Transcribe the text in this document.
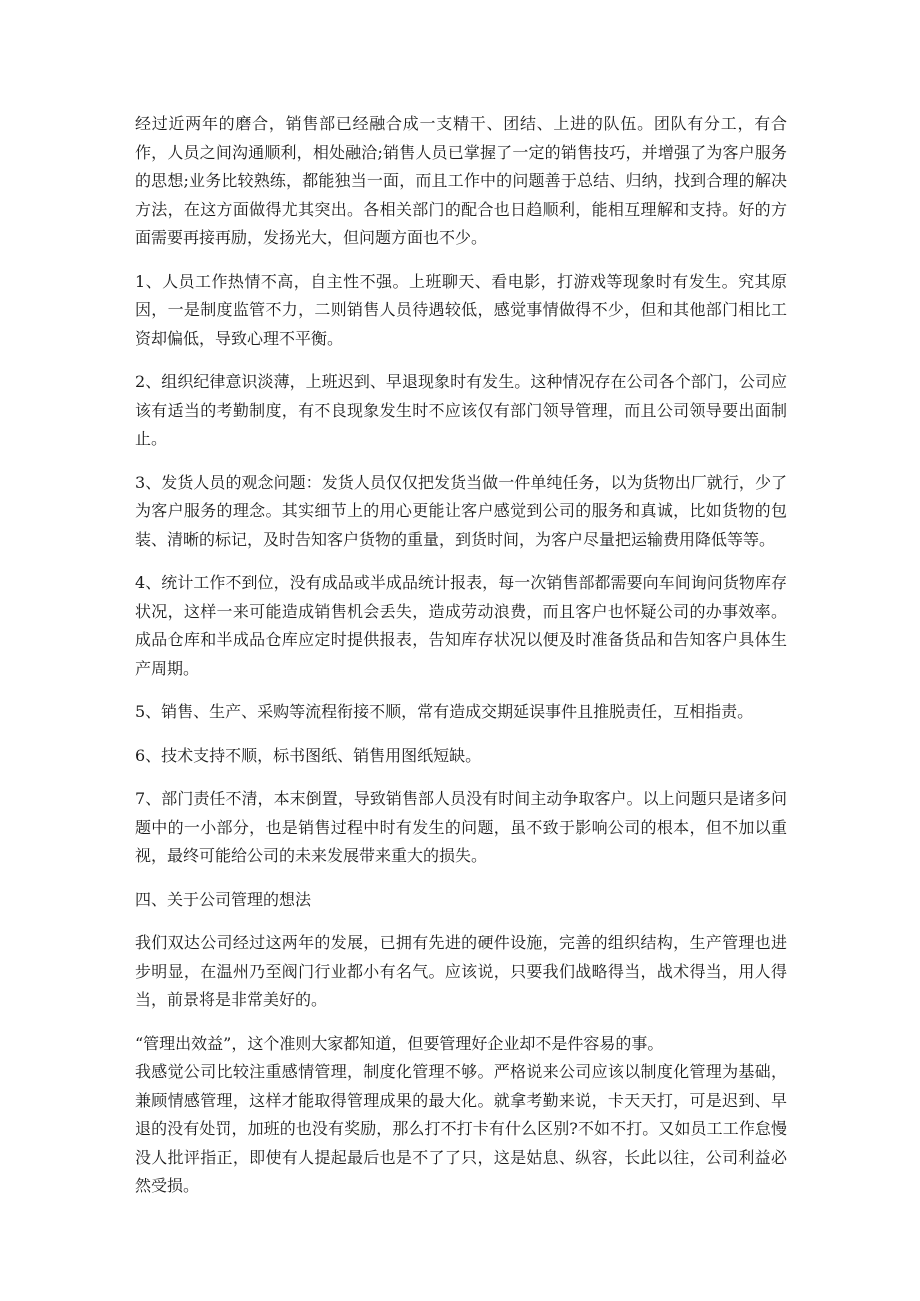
经过近两年的磨合，销售部已经融合成一支精干、团结、上进的队伍。团队有分工，有合作，人员之间沟通顺利，相处融洽;销售人员已掌握了一定的销售技巧，并增强了为客户服务的思想;业务比较熟练，都能独当一面，而且工作中的问题善于总结、归纳，找到合理的解决方法，在这方面做得尤其突出。各相关部门的配合也日趋顺利，能相互理解和支持。好的方面需要再接再励，发扬光大，但问题方面也不少。

1、人员工作热情不高，自主性不强。上班聊天、看电影，打游戏等现象时有发生。究其原因，一是制度监管不力，二则销售人员待遇较低，感觉事情做得不少，但和其他部门相比工资却偏低，导致心理不平衡。

2、组织纪律意识淡薄，上班迟到、早退现象时有发生。这种情况存在公司各个部门，公司应该有适当的考勤制度，有不良现象发生时不应该仅有部门领导管理，而且公司领导要出面制止。

3、发货人员的观念问题：发货人员仅仅把发货当做一件单纯任务，以为货物出厂就行，少了为客户服务的理念。其实细节上的用心更能让客户感觉到公司的服务和真诚，比如货物的包装、清晰的标记，及时告知客户货物的重量，到货时间，为客户尽量把运输费用降低等等。

4、统计工作不到位，没有成品或半成品统计报表，每一次销售部都需要向车间询问货物库存状况，这样一来可能造成销售机会丢失，造成劳动浪费，而且客户也怀疑公司的办事效率。成品仓库和半成品仓库应定时提供报表，告知库存状况以便及时准备货品和告知客户具体生产周期。

5、销售、生产、采购等流程衔接不顺，常有造成交期延误事件且推脱责任，互相指责。

6、技术支持不顺，标书图纸、销售用图纸短缺。

7、部门责任不清，本末倒置，导致销售部人员没有时间主动争取客户。以上问题只是诸多问题中的一小部分，也是销售过程中时有发生的问题，虽不致于影响公司的根本，但不加以重视，最终可能给公司的未来发展带来重大的损失。

四、关于公司管理的想法

我们双达公司经过这两年的发展，已拥有先进的硬件设施，完善的组织结构，生产管理也进步明显，在温州乃至阀门行业都小有名气。应该说，只要我们战略得当，战术得当，用人得当，前景将是非常美好的。

“管理出效益”，这个准则大家都知道，但要管理好企业却不是件容易的事。

我感觉公司比较注重感情管理，制度化管理不够。严格说来公司应该以制度化管理为基础，兼顾情感管理，这样才能取得管理成果的最大化。就拿考勤来说，卡天天打，可是迟到、早退的没有处罚，加班的也没有奖励，那么打不打卡有什么区别?不如不打。又如员工工作怠慢没人批评指正，即使有人提起最后也是不了了只，这是姑息、纵容，长此以往，公司利益必然受损。
